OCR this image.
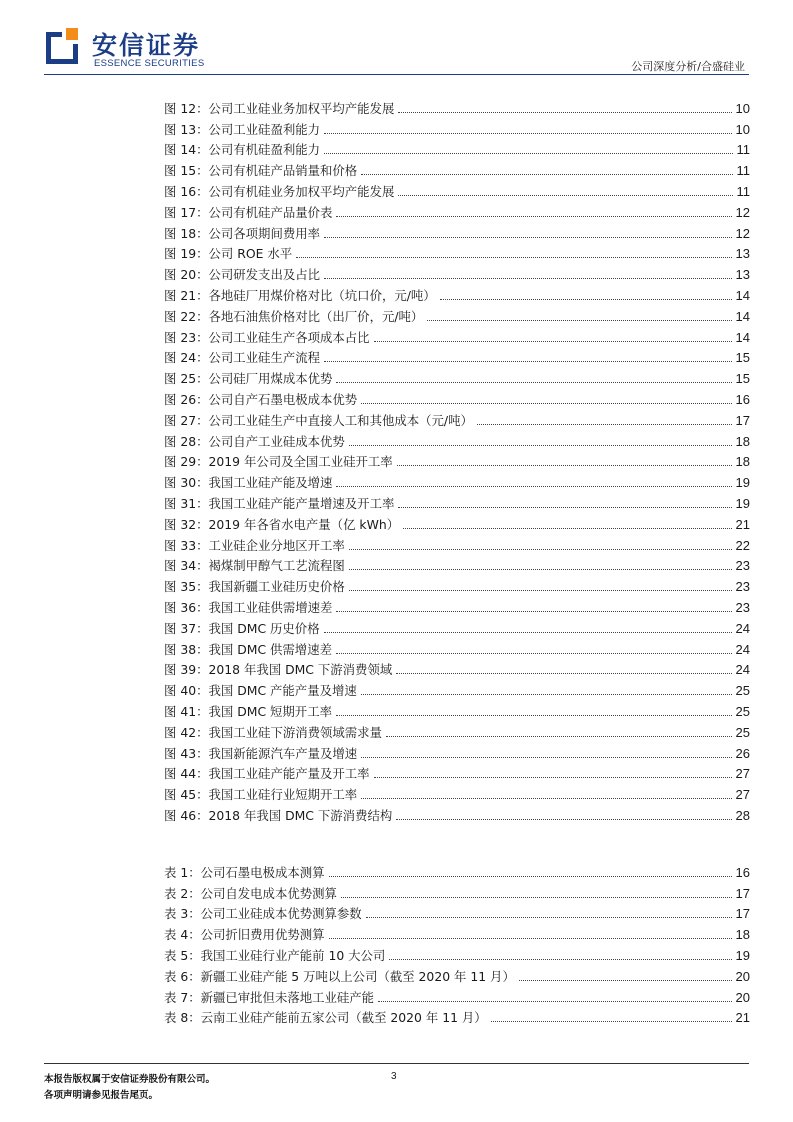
安信证券
ESSENCE SECURITIES	公司深度分析/合盛硅业
图 12：公司工业硅业务加权平均产能发展	10
图 13：公司工业硅盈利能力	10
图 14：公司有机硅盈利能力	11
图 15：公司有机硅产品销量和价格	11
图 16：公司有机硅业务加权平均产能发展	11
图 17：公司有机硅产品量价表	12
图 18：公司各项期间费用率	12
图 19：公司 ROE 水平	13
图 20：公司研发支出及占比	13
图 21：各地硅厂用煤价格对比（坑口价，元/吨）	14
图 22：各地石油焦价格对比（出厂价，元/吨）	14
图 23：公司工业硅生产各项成本占比	14
图 24：公司工业硅生产流程	15
图 25：公司硅厂用煤成本优势	15
图 26：公司自产石墨电极成本优势	16
图 27：公司工业硅生产中直接人工和其他成本（元/吨）	17
图 28：公司自产工业硅成本优势	18
图 29：2019 年公司及全国工业硅开工率	18
图 30：我国工业硅产能及增速	19
图 31：我国工业硅产能产量增速及开工率	19
图 32：2019 年各省水电产量（亿 kWh）	21
图 33：工业硅企业分地区开工率	22
图 34：褐煤制甲醇气工艺流程图	23
图 35：我国新疆工业硅历史价格	23
图 36：我国工业硅供需增速差	23
图 37：我国 DMC 历史价格	24
图 38：我国 DMC 供需增速差	24
图 39：2018 年我国 DMC 下游消费领域	24
图 40：我国 DMC 产能产量及增速	25
图 41：我国 DMC 短期开工率	25
图 42：我国工业硅下游消费领域需求量	25
图 43：我国新能源汽车产量及增速	26
图 44：我国工业硅产能产量及开工率	27
图 45：我国工业硅行业短期开工率	27
图 46：2018 年我国 DMC 下游消费结构	28
表 1：公司石墨电极成本测算	16
表 2：公司自发电成本优势测算	17
表 3：公司工业硅成本优势测算参数	17
表 4：公司折旧费用优势测算	18
表 5：我国工业硅行业产能前 10 大公司	19
表 6：新疆工业硅产能 5 万吨以上公司（截至 2020 年 11 月）	20
表 7：新疆已审批但未落地工业硅产能	20
表 8：云南工业硅产能前五家公司（截至 2020 年 11 月）	21
本报告版权属于安信证券股份有限公司。
各项声明请参见报告尾页。
3
